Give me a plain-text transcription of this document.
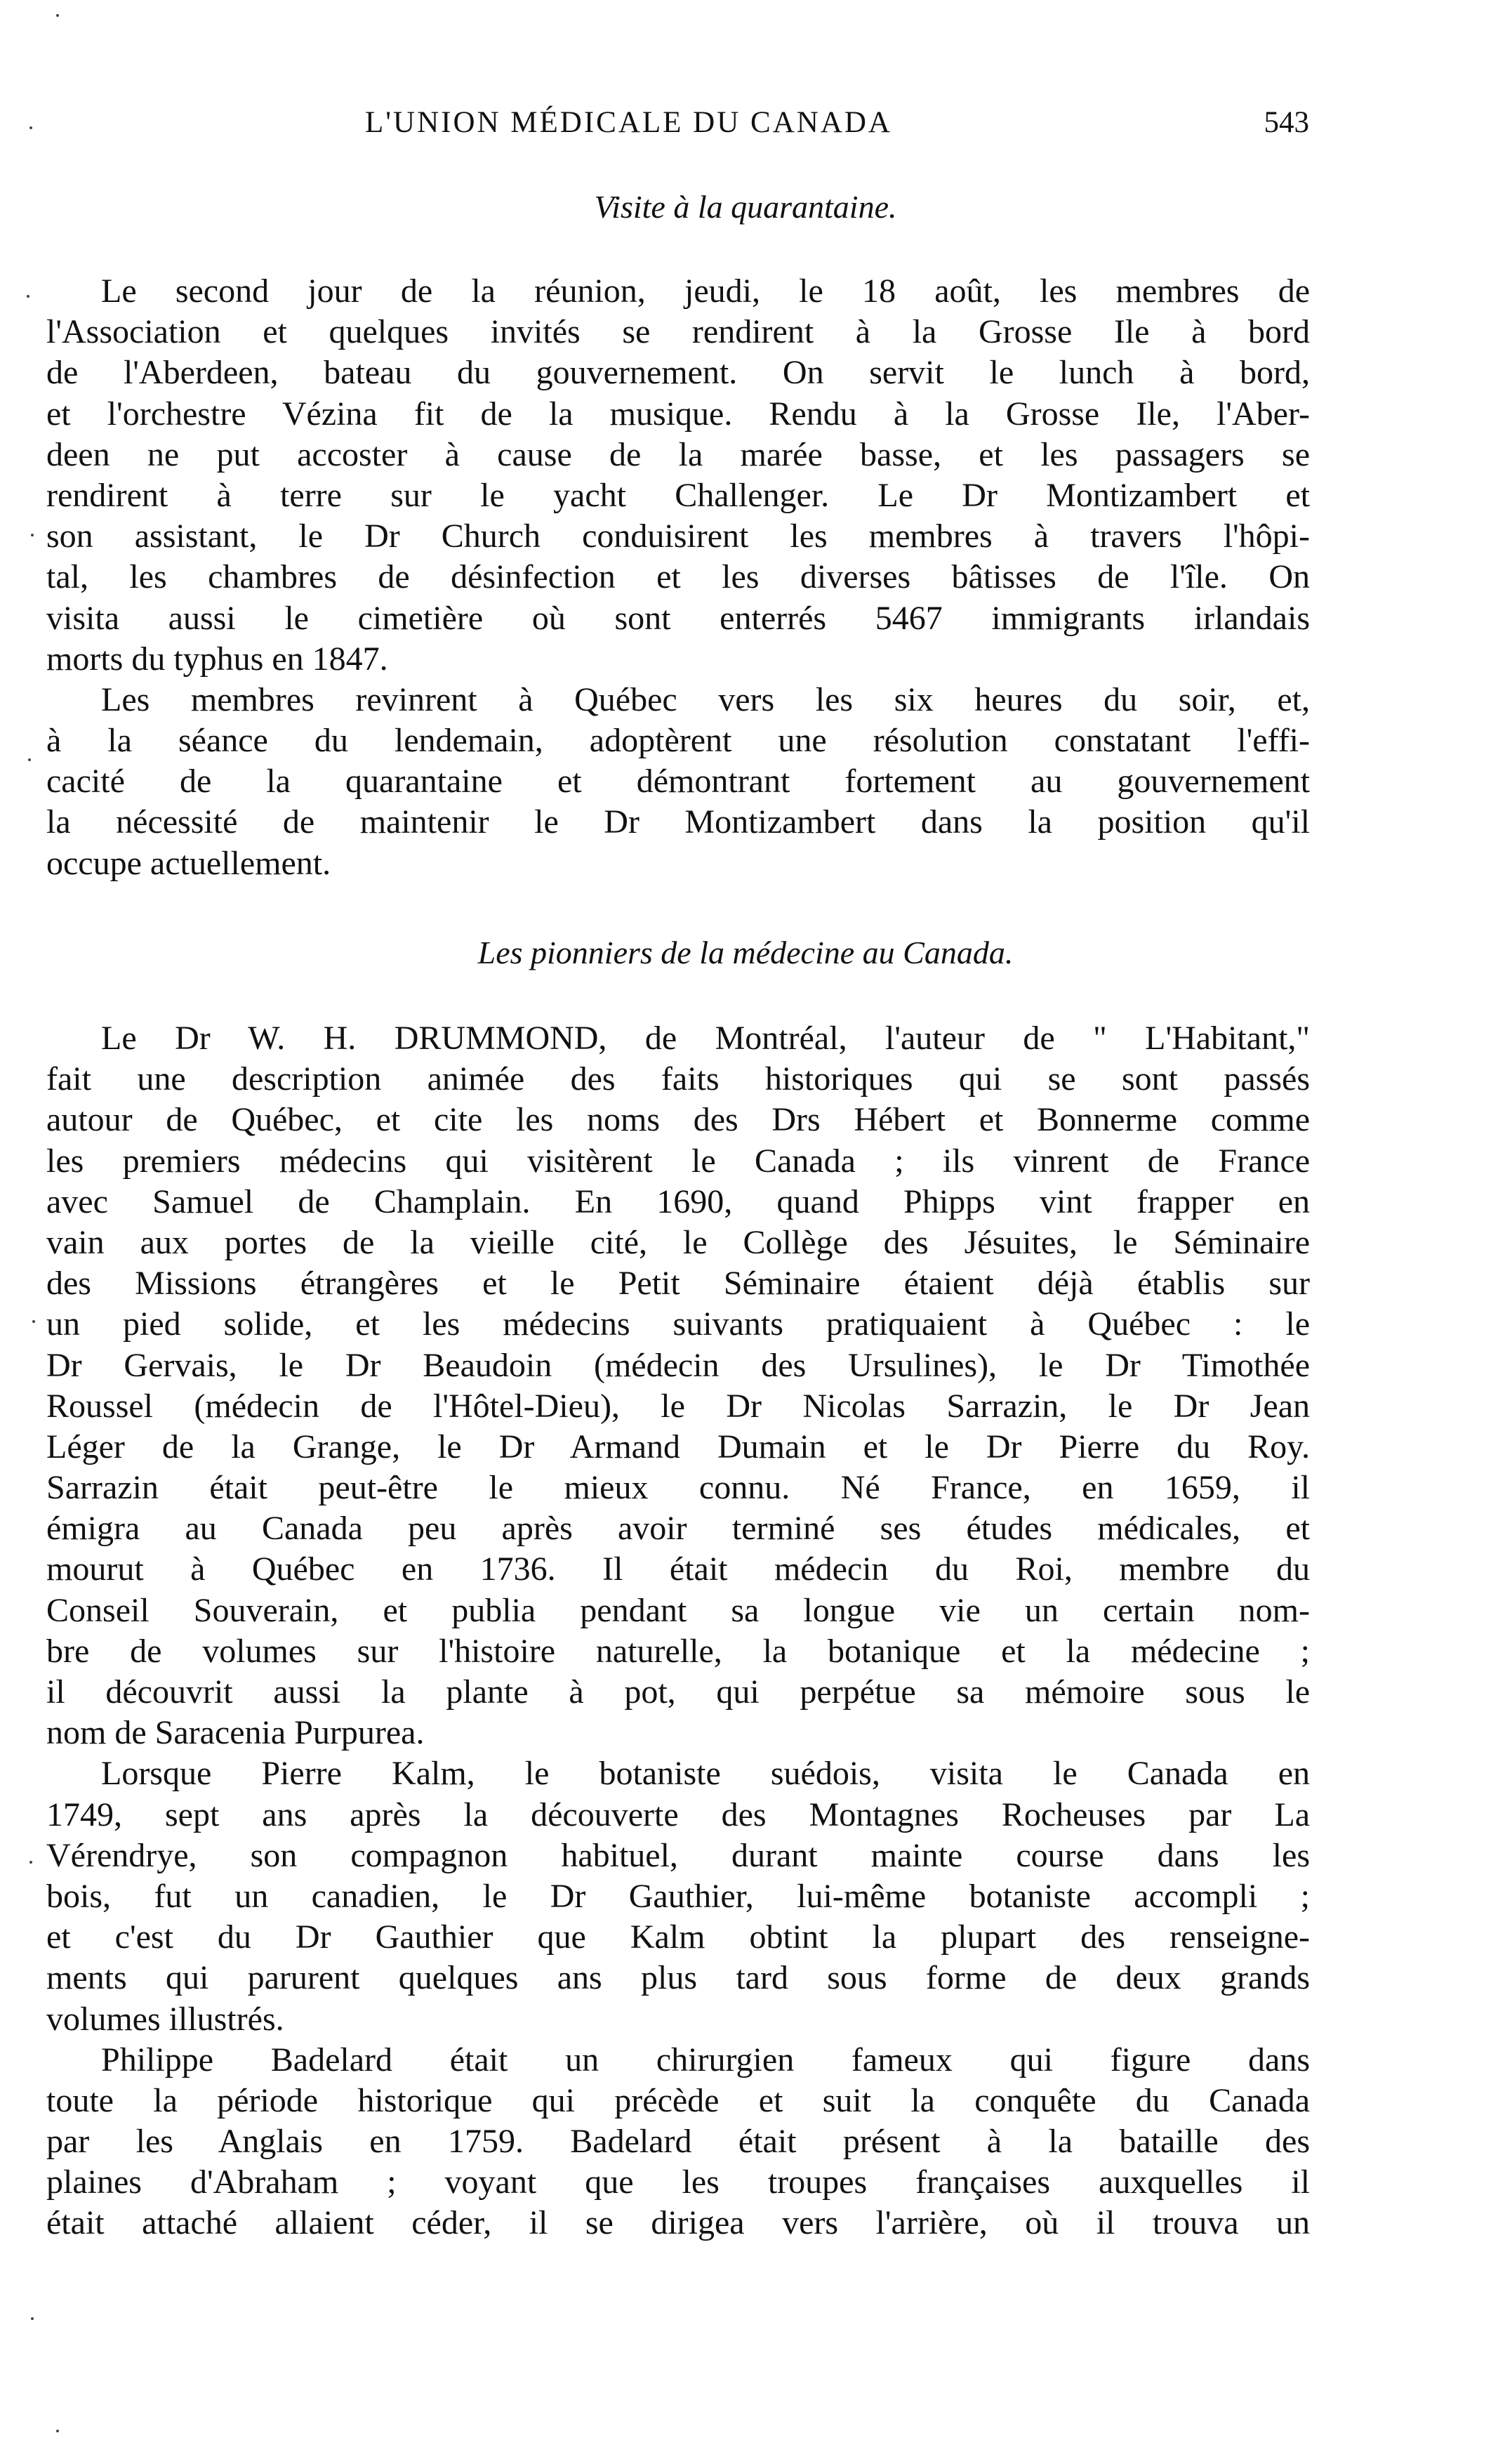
L'UNION MÉDICALE DU CANADA	543
Visite à la quarantaine.
Le second jour de la réunion, jeudi, le 18 août, les membres de
l'Association et quelques invités se rendirent à la Grosse Ile à bord
de l'Aberdeen, bateau du gouvernement. On servit le lunch à bord,
et l'orchestre Vézina fit de la musique. Rendu à la Grosse Ile, l'Aber-
deen ne put accoster à cause de la marée basse, et les passagers se
rendirent à terre sur le yacht Challenger. Le Dr Montizambert et
son assistant, le Dr Church conduisirent les membres à travers l'hôpi-
tal, les chambres de désinfection et les diverses bâtisses de l'île. On
visita aussi le cimetière où sont enterrés 5467 immigrants irlandais
morts du typhus en 1847.
Les membres revinrent à Québec vers les six heures du soir, et,
à la séance du lendemain, adoptèrent une résolution constatant l'effi-
cacité de la quarantaine et démontrant fortement au gouvernement
la nécessité de maintenir le Dr Montizambert dans la position qu'il
occupe actuellement.
Les pionniers de la médecine au Canada.
Le Dr W. H. DRUMMOND, de Montréal, l'auteur de " L'Habitant,"
fait une description animée des faits historiques qui se sont passés
autour de Québec, et cite les noms des Drs Hébert et Bonnerme comme
les premiers médecins qui visitèrent le Canada ; ils vinrent de France
avec Samuel de Champlain. En 1690, quand Phipps vint frapper en
vain aux portes de la vieille cité, le Collège des Jésuites, le Séminaire
des Missions étrangères et le Petit Séminaire étaient déjà établis sur
un pied solide, et les médecins suivants pratiquaient à Québec : le
Dr Gervais, le Dr Beaudoin (médecin des Ursulines), le Dr Timothée
Roussel (médecin de l'Hôtel-Dieu), le Dr Nicolas Sarrazin, le Dr Jean
Léger de la Grange, le Dr Armand Dumain et le Dr Pierre du Roy.
Sarrazin était peut-être le mieux connu. Né France, en 1659, il
émigra au Canada peu après avoir terminé ses études médicales, et
mourut à Québec en 1736. Il était médecin du Roi, membre du
Conseil Souverain, et publia pendant sa longue vie un certain nom-
bre de volumes sur l'histoire naturelle, la botanique et la médecine ;
il découvrit aussi la plante à pot, qui perpétue sa mémoire sous le
nom de Saracenia Purpurea.
Lorsque Pierre Kalm, le botaniste suédois, visita le Canada en
1749, sept ans après la découverte des Montagnes Rocheuses par La
Vérendrye, son compagnon habituel, durant mainte course dans les
bois, fut un canadien, le Dr Gauthier, lui-même botaniste accompli ;
et c'est du Dr Gauthier que Kalm obtint la plupart des renseigne-
ments qui parurent quelques ans plus tard sous forme de deux grands
volumes illustrés.
Philippe Badelard était un chirurgien fameux qui figure dans
toute la période historique qui précède et suit la conquête du Canada
par les Anglais en 1759. Badelard était présent à la bataille des
plaines d'Abraham ; voyant que les troupes françaises auxquelles il
était attaché allaient céder, il se dirigea vers l'arrière, où il trouva un
